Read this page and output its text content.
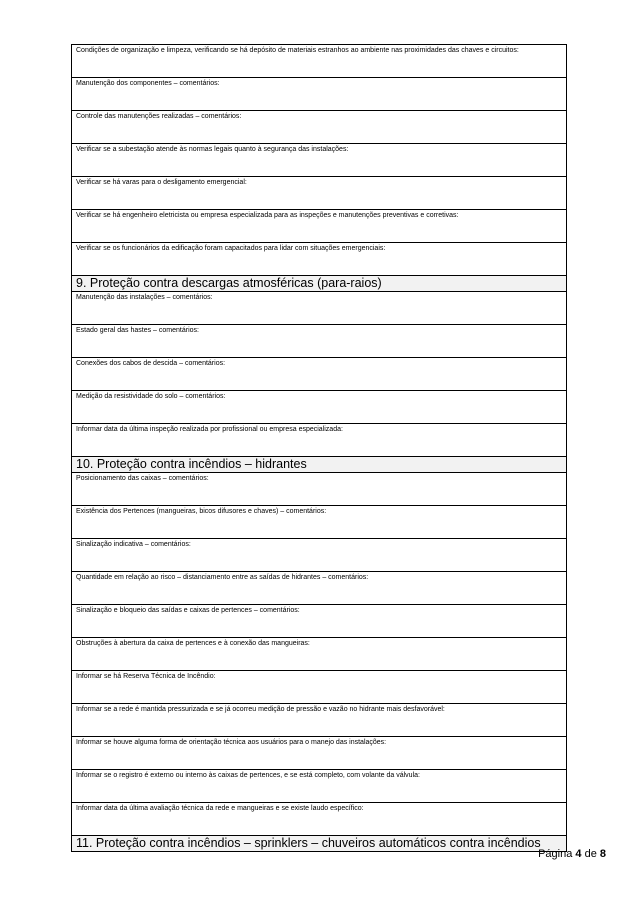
Condições de organização e limpeza, verificando se há depósito de materiais estranhos ao ambiente nas proximidades das chaves e circuitos:

Manutenção dos componentes – comentários:

Controle das manutenções realizadas – comentários:

Verificar se a subestação atende às normas legais quanto à segurança das instalações:

Verificar se há varas para o desligamento emergencial:

Verificar se há engenheiro eletricista ou empresa especializada para as inspeções e manutenções preventivas e corretivas:

Verificar se os funcionários da edificação foram capacitados para lidar com situações emergenciais:

9. Proteção contra descargas atmosféricas (para-raios)

Manutenção das instalações – comentários:

Estado geral das hastes – comentários:

Conexões dos cabos de descida – comentários:

Medição da resistividade do solo – comentários:

Informar data da última inspeção realizada por profissional ou empresa especializada:

10. Proteção contra incêndios – hidrantes

Posicionamento das caixas – comentários:

Existência dos Pertences (mangueiras, bicos difusores e chaves) – comentários:

Sinalização indicativa – comentários:

Quantidade em relação ao risco – distanciamento entre as saídas de hidrantes – comentários:

Sinalização e bloqueio das saídas e caixas de pertences – comentários:

Obstruções à abertura da caixa de pertences e à conexão das mangueiras:

Informar se há Reserva Técnica de Incêndio:

Informar se a rede é mantida pressurizada e se já ocorreu medição de pressão e vazão no hidrante mais desfavorável:

Informar se houve alguma forma de orientação técnica aos usuários para o manejo das instalações:

Informar se o registro é externo ou interno às caixas de pertences, e se está completo, com volante da válvula:

Informar data da última avaliação técnica da rede e mangueiras e se existe laudo específico:

11. Proteção contra incêndios – sprinklers – chuveiros automáticos contra incêndios
Página 4 de 8
